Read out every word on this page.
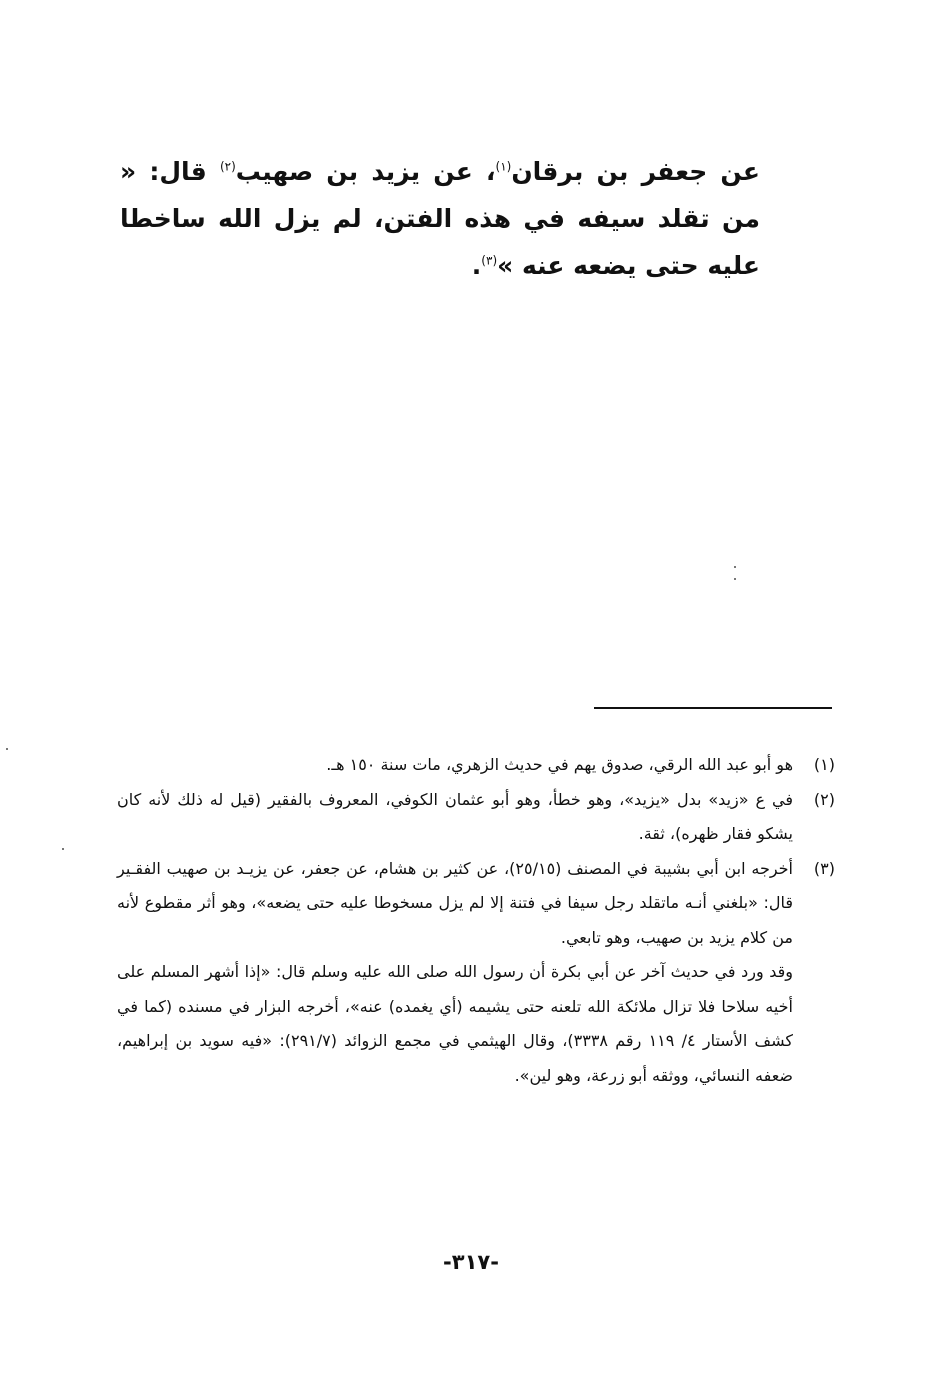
عن جعفر بن برقان$^{(١)}$، عن يزيد بن صهيب$^{(٢)}$ قال: « من تقلد سيفه في هذه الفتن، لم يزل الله ساخطا عليه حتى يضعه عنه »$^{(٣)}$.

(١)

هو أبو عبد الله الرقي، صدوق يهم في حديث الزهري، مات سنة ١٥٠ هـ.

(٢)

في ع «زيد» بدل «يزيد»، وهو خطأ، وهو أبو عثمان الكوفي، المعروف بالفقير (قيل له ذلك لأنه كان يشكو فقار ظهره)، ثقة.

(٣)

أخرجه ابن أبي بشيبة في المصنف (٢٥/١٥)، عن كثير بن هشام، عن جعفر، عن يزيـد بن صهيب الفقـير قال: «بلغني أنـه ماتقلد رجل سيفا في فتنة إلا لم يزل مسخوطا عليه حتى يضعه»، وهو أثر مقطوع لأنه من كلام يزيد بن صهيب، وهو تابعي.

وقد ورد في حديث آخر عن أبي بكرة أن رسول الله صلى الله عليه وسلم قال: «إذا أشهر المسلم على أخيه سلاحا فلا تزال ملائكة الله تلعنه حتى يشيمه (أي يغمده) عنه»، أخرجه البزار في مسنده (كما في كشف الأستار ٤/ ١١٩ رقم ٣٣٣٨)، وقال الهيثمي في مجمع الزوائد (٢٩١/٧): «فيه سويد بن إبراهيم، ضعفه النسائي، ووثقه أبو زرعة، وهو لين».

-٣١٧-
